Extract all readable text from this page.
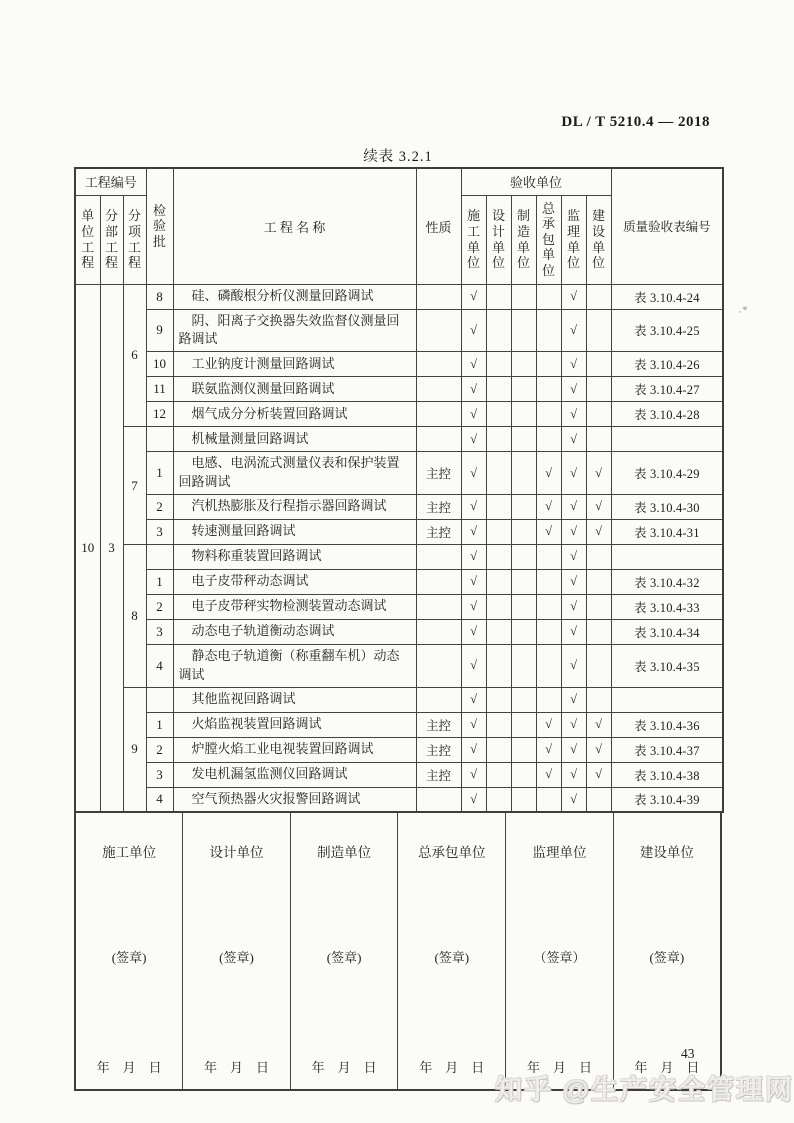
DL / T 5210.4 — 2018
续表 3.2.1
工程编号			检验批	工 程 名 称	性质	验收单位						质量验收表编号

单位工程	分部工程	分项工程				施工单位	设计单位	制造单位	总承包单位	监理单位	建设单位	

10	3	6	8	硅、磷酸根分析仪测量回路调试		√				√		表 3.10.4-24
			9	阴、阳离子交换器失效监督仪测量回路调试		√				√		表 3.10.4-25
			10	工业钠度计测量回路调试		√				√		表 3.10.4-26
			11	联氨监测仪测量回路调试		√				√		表 3.10.4-27
			12	烟气成分分析装置回路调试		√				√		表 3.10.4-28
		7		机械量测量回路调试		√				√		
			1	电感、电涡流式测量仪表和保护装置回路调试	主控	√			√	√	√	表 3.10.4-29
			2	汽机热膨胀及行程指示器回路调试	主控	√			√	√	√	表 3.10.4-30
			3	转速测量回路调试	主控	√			√	√	√	表 3.10.4-31
		8		物料称重装置回路调试		√				√		
			1	电子皮带秤动态调试		√				√		表 3.10.4-32
			2	电子皮带秤实物检测装置动态调试		√				√		表 3.10.4-33
			3	动态电子轨道衡动态调试		√				√		表 3.10.4-34
			4	静态电子轨道衡（称重翻车机）动态调试		√				√		表 3.10.4-35
		9		其他监视回路调试		√				√		
			1	火焰监视装置回路调试	主控	√			√	√	√	表 3.10.4-36
			2	炉膛火焰工业电视装置回路调试	主控	√			√	√	√	表 3.10.4-37
			3	发电机漏氢监测仪回路调试	主控	√			√	√	√	表 3.10.4-38
			4	空气预热器火灾报警回路调试		√				√		表 3.10.4-39
施工单位
(签章)
年　月　日

设计单位
(签章)
年　月　日

制造单位
(签章)
年　月　日

总承包单位
(签章)
年　月　日

监理单位
（签章）
年　月　日

建设单位
(签章)
年　月　日
43
知乎 @生产安全管理网
.*
